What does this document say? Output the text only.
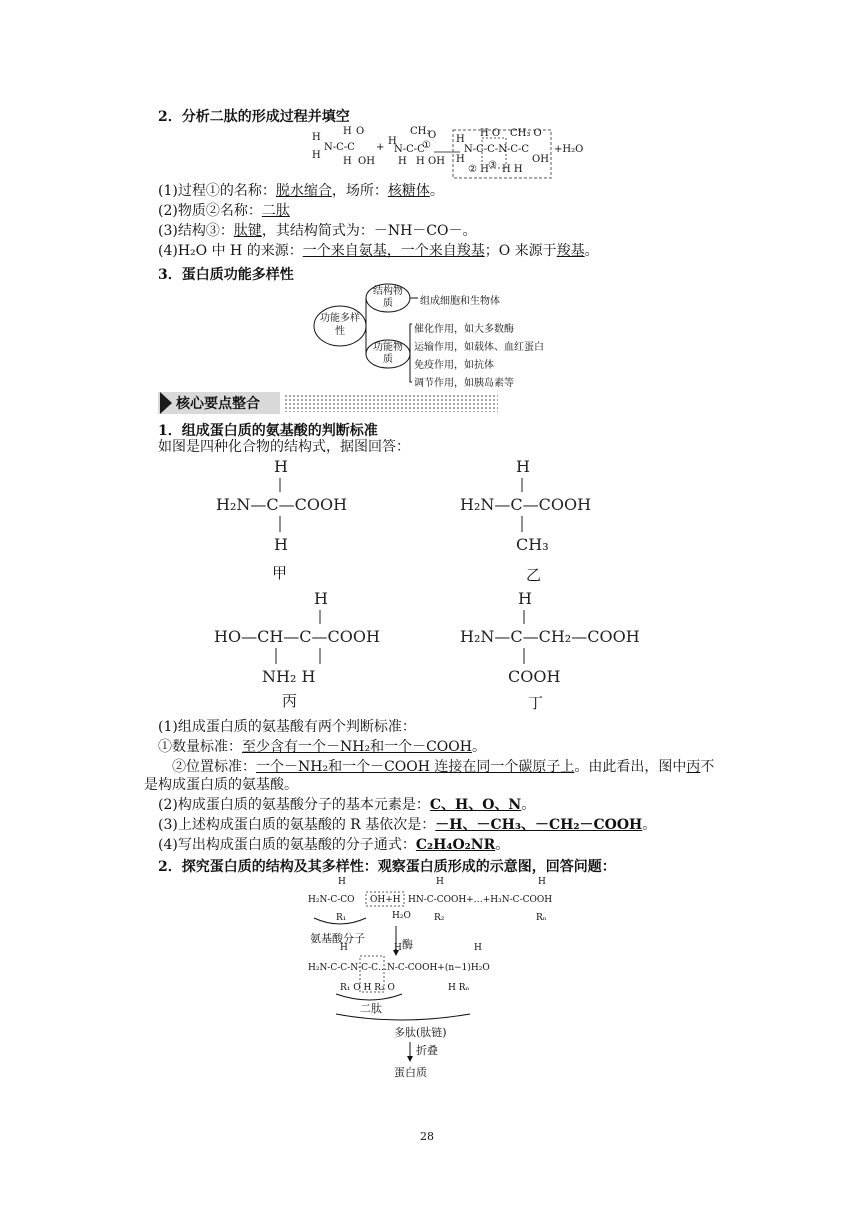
2．分析二肽的形成过程并填空
H
H
N-C-C
H O
H OH
+
H
N-C-C
H
CH₃
H
O
OH
①
H
H
N-C-C-N-C-C
H O CH₃ O
② H ③ H H
OH
+H₂O
(1)过程①的名称：脱水缩合，场所：核糖体。
(2)物质②名称：二肽
(3)结构③：肽键，其结构简式为：－NH－CO－。
(4)H₂O 中 H 的来源：一个来自氨基，一个来自羧基；O 来源于羧基。
3．蛋白质功能多样性
功能多样性
结构物质	组成细胞和生物体
功能物质
催化作用，如大多数酶
运输作用，如载体、血红蛋白
免疫作用，如抗体
调节作用，如胰岛素等
核心要点整合
1．组成蛋白质的氨基酸的判断标准
如图是四种化合物的结构式，据图回答：
H
H₂N—C—COOH
H
H
H₂N—C—COOH
CH₃
H
HO—CH—C—COOH
NH₂ H
H
H₂N—C—CH₂—COOH
COOH
甲	乙
丙	丁
(1)组成蛋白质的氨基酸有两个判断标准：
①数量标准：至少含有一个－NH₂和一个－COOH。
②位置标准：一个－NH₂和一个－COOH 连接在同一个碳原子上。由此看出，图中丙不
是构成蛋白质的氨基酸。
(2)构成蛋白质的氨基酸分子的基本元素是：C、H、O、N。
(3)上述构成蛋白质的氨基酸的 R 基依次是：－H、－CH₃、－CH₂－COOH。
(4)写出构成蛋白质的氨基酸的分子通式：C₂H₄O₂NR。
2．探究蛋白质的结构及其多样性：观察蛋白质形成的示意图，回答问题：
H
H₂N-C-CO OH+H HN-C-COOH+…+H₃N-C-COOH
H	H
R₁	H₂O	R₂	Rₙ
H	H	H
H₂N-C-C-N-C-C…N-C-COOH+(n−1)H₂O
R₁ O H R₂ O	H Rₙ
氨基酸分子	酶
二肽
多肽(肽链)
折叠
蛋白质
28
